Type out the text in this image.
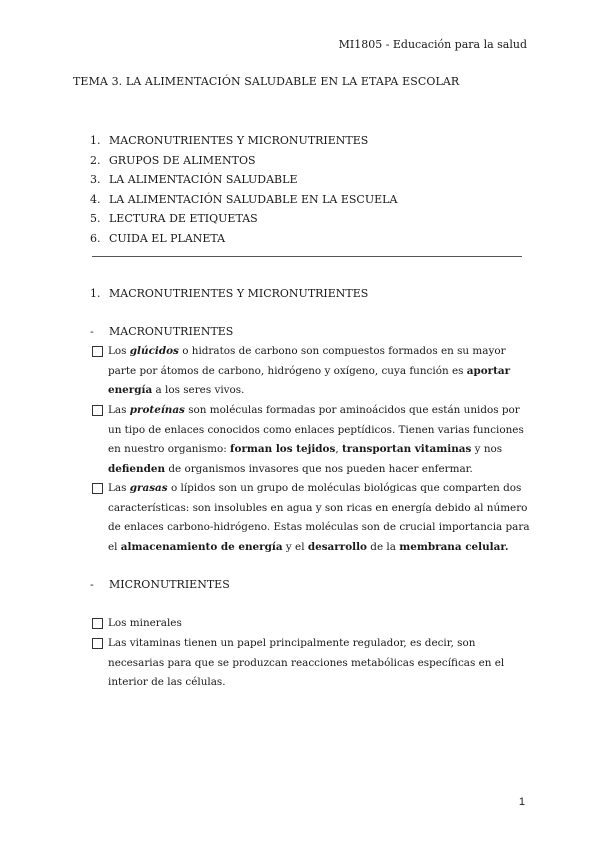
MI1805 - Educación para la salud
TEMA 3. LA ALIMENTACIÓN SALUDABLE EN LA ETAPA ESCOLAR
1. MACRONUTRIENTES Y MICRONUTRIENTES
2. GRUPOS DE ALIMENTOS
3. LA ALIMENTACIÓN SALUDABLE
4. LA ALIMENTACIÓN SALUDABLE EN LA ESCUELA
5. LECTURA DE ETIQUETAS
6. CUIDA EL PLANETA
1. MACRONUTRIENTES Y MICRONUTRIENTES
-	MACRONUTRIENTES
Los glúcidos o hidratos de carbono son compuestos formados en su mayor parte por átomos de carbono, hidrógeno y oxígeno, cuya función es aportar energía a los seres vivos.
Las proteínas son moléculas formadas por aminoácidos que están unidos por un tipo de enlaces conocidos como enlaces peptídicos. Tienen varias funciones en nuestro organismo: forman los tejidos, transportan vitaminas y nos defienden de organismos invasores que nos pueden hacer enfermar.
Las grasas o lípidos son un grupo de moléculas biológicas que comparten dos características: son insolubles en agua y son ricas en energía debido al número de enlaces carbono-hidrógeno. Estas moléculas son de crucial importancia para el almacenamiento de energía y el desarrollo de la membrana celular.
-	MICRONUTRIENTES
Los minerales
Las vitaminas tienen un papel principalmente regulador, es decir, son necesarias para que se produzcan reacciones metabólicas específicas en el interior de las células.
1
